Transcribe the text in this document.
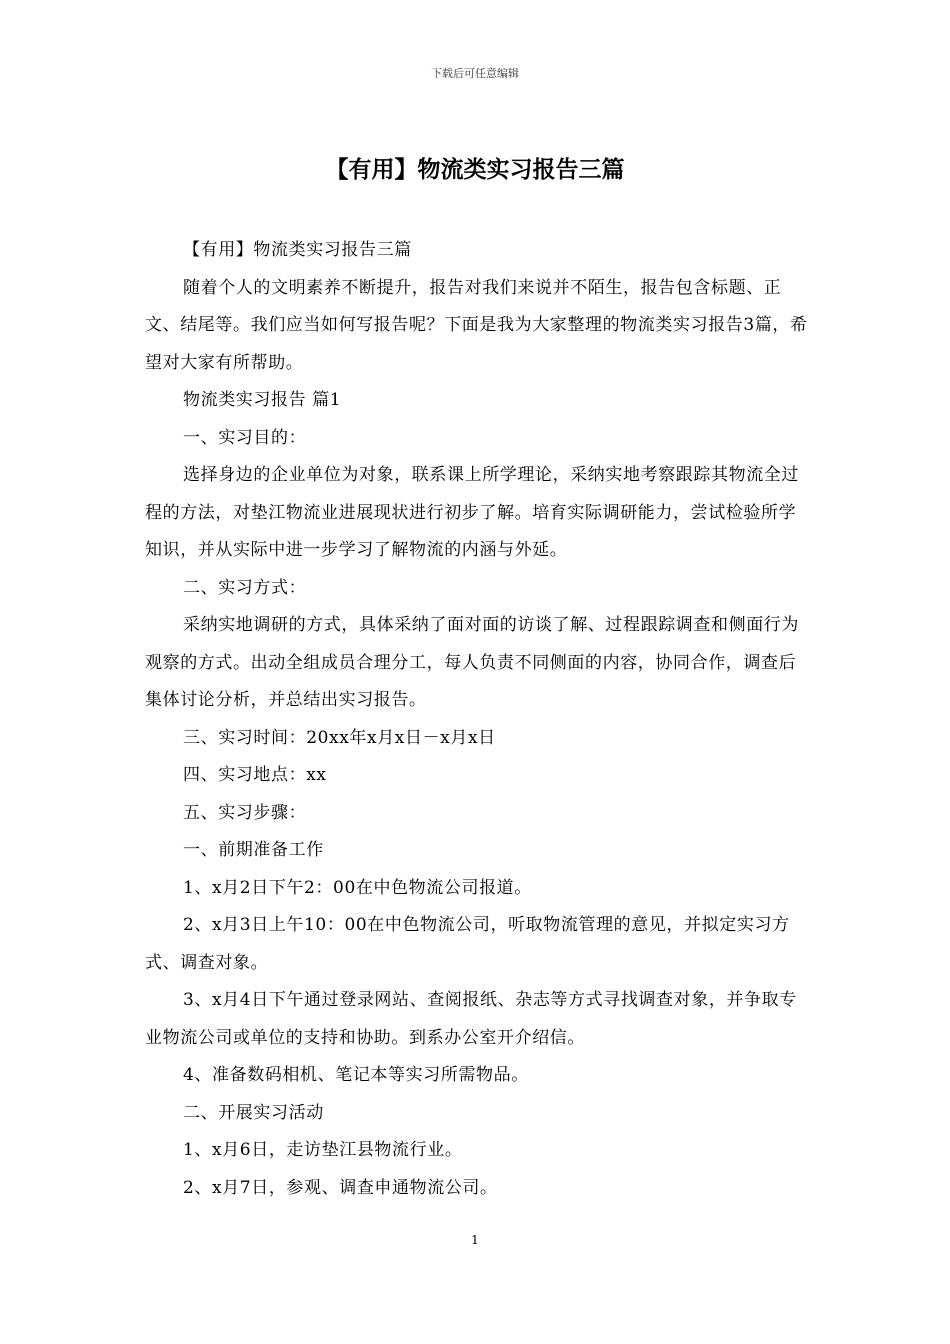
下载后可任意编辑
【有用】物流类实习报告三篇

【有用】物流类实习报告三篇

随着个人的文明素养不断提升，报告对我们来说并不陌生，报告包含标题、正文、结尾等。我们应当如何写报告呢？下面是我为大家整理的物流类实习报告3篇，希望对大家有所帮助。

物流类实习报告 篇1

一、实习目的：

选择身边的企业单位为对象，联系课上所学理论，采纳实地考察跟踪其物流全过程的方法，对垫江物流业进展现状进行初步了解。培育实际调研能力，尝试检验所学知识，并从实际中进一步学习了解物流的内涵与外延。

二、实习方式：

采纳实地调研的方式，具体采纳了面对面的访谈了解、过程跟踪调查和侧面行为观察的方式。出动全组成员合理分工，每人负责不同侧面的内容，协同合作，调查后集体讨论分析，并总结出实习报告。

三、实习时间：20xx年x月x日－x月x日

四、实习地点：xx

五、实习步骤：

一、前期准备工作

1、x月2日下午2：00在中色物流公司报道。

2、x月3日上午10：00在中色物流公司，听取物流管理的意见，并拟定实习方式、调查对象。

3、x月4日下午通过登录网站、查阅报纸、杂志等方式寻找调查对象，并争取专业物流公司或单位的支持和协助。到系办公室开介绍信。

4、准备数码相机、笔记本等实习所需物品。

二、开展实习活动

1、x月6日，走访垫江县物流行业。

2、x月7日，参观、调查申通物流公司。

1
